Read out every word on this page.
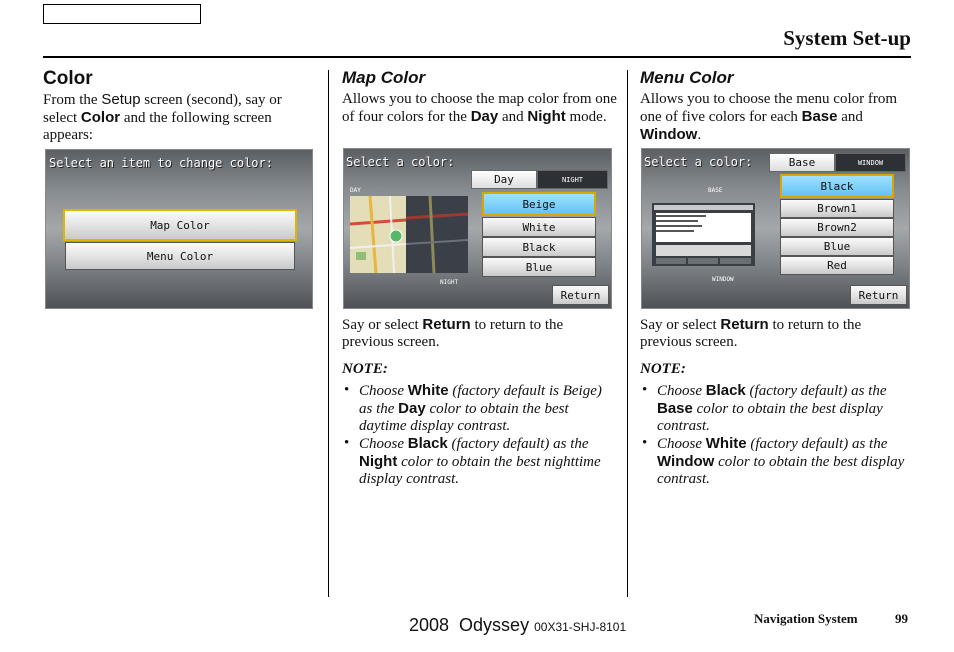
System Set-up
Color
From the Setup screen (second), say or select Color and the following screen appears:
Select an item to change color:
Map Color
Menu Color
Map Color
Allows you to choose the map color from one of four colors for the Day and Night mode.
Select a color:
DAY
NIGHT
Day	NIGHT
Beige
White
Black
Blue
Return
Say or select Return to return to the previous screen.
NOTE:
• Choose White (factory default is Beige) as the Day color to obtain the best daytime display contrast.
• Choose Black (factory default) as the Night color to obtain the best nighttime display contrast.
Menu Color
Allows you to choose the menu color from one of five colors for each Base and Window.
Select a color:
BASE
WINDOW
Base	WINDOW
Black
Brown1
Brown2
Blue
Red
Return
Say or select Return to return to the previous screen.
NOTE:
• Choose Black (factory default) as the Base color to obtain the best display contrast.
• Choose White (factory default) as the Window color to obtain the best display contrast.
2008  Odyssey 00X31-SHJ-8101
Navigation System	99
